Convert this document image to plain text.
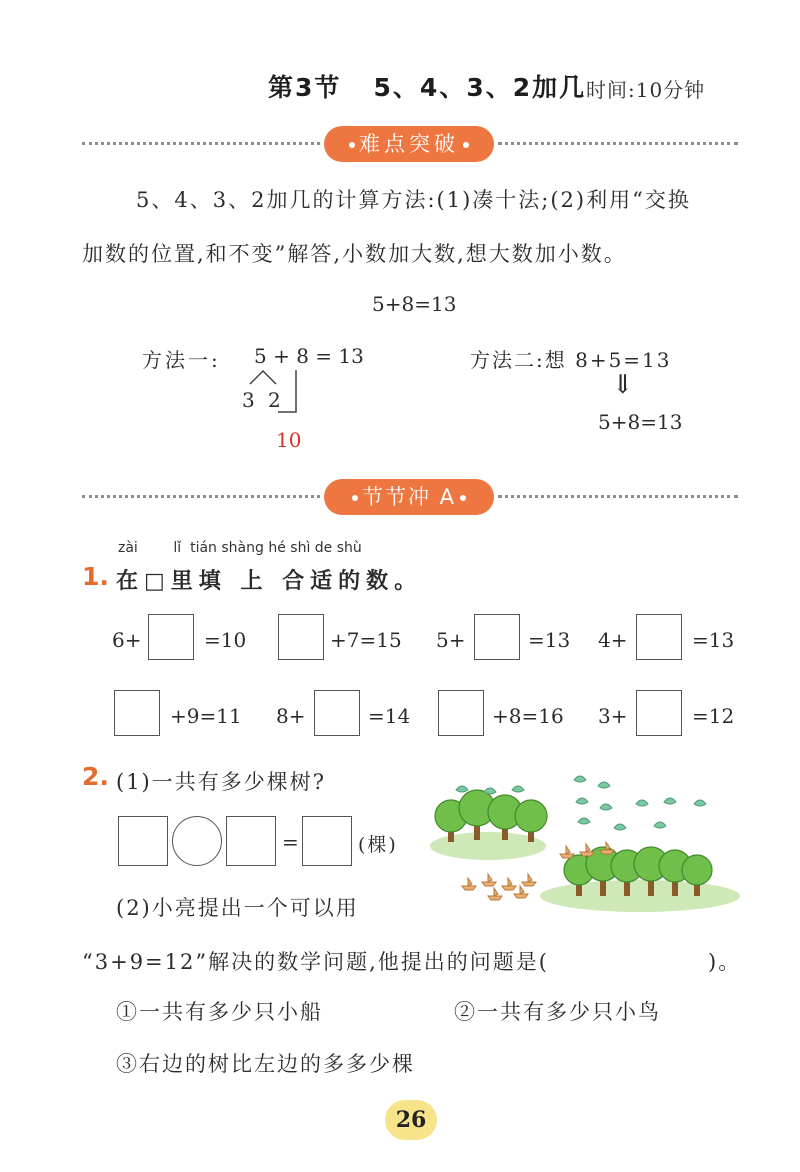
第3节 5、4、3、2加几 时间:10分钟
难点突破
5、4、3、2加几的计算方法:(1)凑十法;(2)利用“交换
加数的位置,和不变”解答,小数加大数,想大数加小数。
5+8=13
方法一: 5 + 8 = 13
3 2
10
方法二:想 8+5=13
⇓
5+8=13
节节冲 A
zài        lǐ  tián shàng hé shì de shù
1. 在□里填 上 合适的数。
6+	=10	+7=15 5+	=13 4+	=13
+9=11 8+	=14	+8=16 3+	=12
2. (1)一共有多少棵树?
=	(棵)
(2)小亮提出一个可以用
“3+9=12”解决的数学问题,他提出的问题是(	)。
①一共有多少只小船	②一共有多少只小鸟
③右边的树比左边的多多少棵
26
